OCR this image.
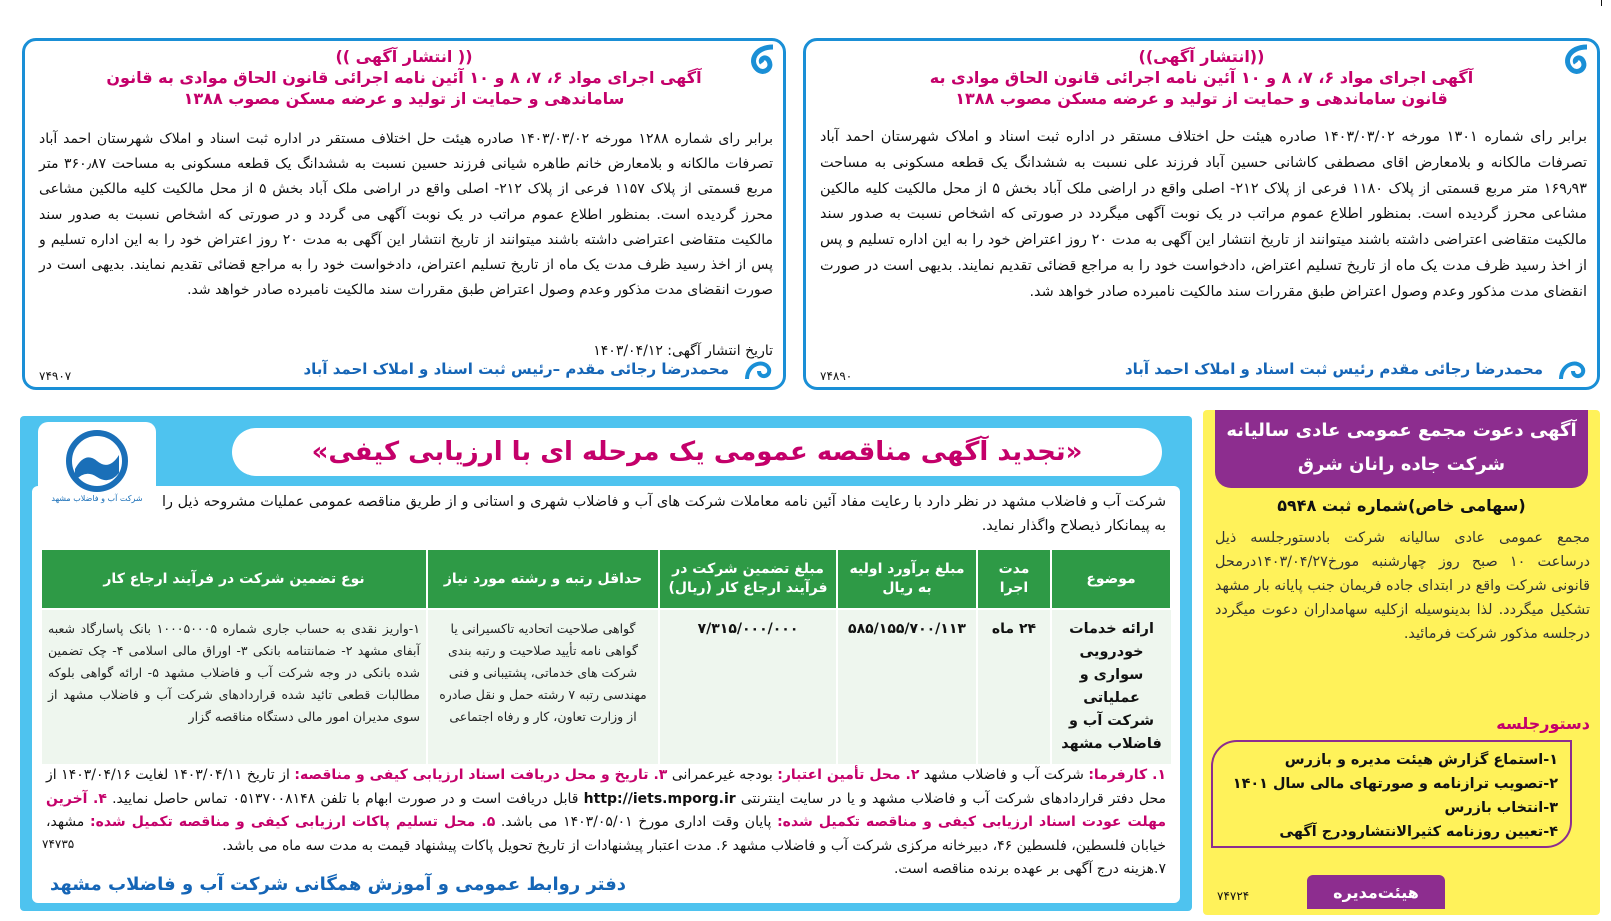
((انتشار آگهی))
آگهی اجرای مواد ۶، ۷، ۸ و ۱۰ آئین نامه اجرائی قانون الحاق موادی به قانون ساماندهی و حمایت از تولید و عرضه مسکن مصوب ۱۳۸۸
برابر رای شماره ۱۳۰۱ مورخه ۱۴۰۳/۰۳/۰۲ صادره هیئت حل اختلاف مستقر در اداره ثبت اسناد و املاک شهرستان احمد آباد تصرفات مالکانه و بلامعارض اقای مصطفی کاشانی حسین آباد فرزند علی نسبت به ششدانگ یک قطعه مسکونی به مساحت ۱۶۹٫۹۳ متر مربع قسمتی از پلاک ۱۱۸۰ فرعی از پلاک ۲۱۲- اصلی واقع در اراضی ملک آباد بخش ۵ از محل مالکیت کلیه مالکین مشاعی محرز گردیده است. بمنظور اطلاع عموم مراتب در یک نوبت آگهی میگردد در صورتی که اشخاص نسبت به صدور سند مالکیت متقاضی اعتراضی داشته باشند میتوانند از تاریخ انتشار این آگهی به مدت ۲۰ روز اعتراض خود را به این اداره تسلیم و پس از اخذ رسید ظرف مدت یک ماه از تاریخ تسلیم اعتراض، دادخواست خود را به مراجع قضائی تقدیم نمایند. بدیهی است در صورت انقضای مدت مذکور وعدم وصول اعتراض طبق مقررات سند مالکیت نامبرده صادر خواهد شد.
محمدرضا رجائی مقدم رئیس ثبت اسناد و املاک احمد آباد
۷۴۸۹۰
(( انتشار آگهی ))
آگهی اجرای مواد ۶، ۷، ۸ و ۱۰ آئین نامه اجرائی قانون الحاق موادی به قانون ساماندهی و حمایت از تولید و عرضه مسکن مصوب ۱۳۸۸
برابر رای شماره ۱۲۸۸ مورخه ۱۴۰۳/۰۳/۰۲ صادره هیئت حل اختلاف مستقر در اداره ثبت اسناد و املاک شهرستان احمد آباد تصرفات مالکانه و بلامعارض خانم طاهره شیانی فرزند حسین نسبت به ششدانگ یک قطعه مسکونی به مساحت ۳۶۰٫۸۷ متر مربع قسمتی از پلاک ۱۱۵۷ فرعی از پلاک ۲۱۲- اصلی واقع در اراضی ملک آباد بخش ۵ از محل مالکیت کلیه مالکین مشاعی محرز گردیده است. بمنظور اطلاع عموم مراتب در یک نوبت آگهی می گردد و در صورتی که اشخاص نسبت به صدور سند مالکیت متقاضی اعتراضی داشته باشند میتوانند از تاریخ انتشار این آگهی به مدت ۲۰ روز اعتراض خود را به این اداره تسلیم و پس از اخذ رسید ظرف مدت یک ماه از تاریخ تسلیم اعتراض، دادخواست خود را به مراجع قضائی تقدیم نمایند. بدیهی است در صورت انقضای مدت مذکور وعدم وصول اعتراض طبق مقررات سند مالکیت نامبرده صادر خواهد شد.
تاریخ انتشار آگهی: ۱۴۰۳/۰۴/۱۲
محمدرضا رجائی مقدم –رئیس ثبت اسناد و املاک احمد آباد
۷۴۹۰۷
«تجدید آگهی مناقصه عمومی یک مرحله ای با ارزیابی کیفی»
شرکت آب و فاضلاب مشهد در نظر دارد با رعایت مفاد آئین نامه معاملات شرکت های آب و فاضلاب شهری و استانی و از طریق مناقصه عمومی عملیات مشروحه ذیل را به پیمانکار ذیصلاح واگذار نماید.
موضوع	مدت اجرا	مبلغ برآورد اولیه به ریال	مبلغ تضمین شرکت در فرآیند ارجاع کار (ریال)	حداقل رتبه و رشته مورد نیاز	نوع تضمین شرکت در فرآیند ارجاع کار
ارائه خدمات خودرویی سواری و عملیاتی شرکت آب و فاضلاب مشهد	۲۴ ماه	۵۸۵/۱۵۵/۷۰۰/۱۱۳	۷/۳۱۵/۰۰۰/۰۰۰	گواهی صلاحیت اتحادیه تاکسیرانی یا گواهی نامه تأیید صلاحیت و رتبه بندی شرکت های خدماتی، پشتیبانی و فنی مهندسی رتبه ۷ رشته حمل و نقل صادره از وزارت تعاون، کار و رفاه اجتماعی	۱-واریز نقدی به حساب جاری شماره ۱۰۰۰۵۰۰۰۵ بانک پاسارگاد شعبه آبفای مشهد ۲- ضمانتنامه بانکی ۳- اوراق مالی اسلامی ۴- چک تضمین شده بانکی در وجه شرکت آب و فاضلاب مشهد ۵- ارائه گواهی بلوکه مطالبات قطعی تائید شده قراردادهای شرکت آب و فاضلاب مشهد از سوی مدیران امور مالی دستگاه مناقصه گزار
۱. کارفرما: شرکت آب و فاضلاب مشهد ۲. محل تأمین اعتبار: بودجه غیرعمرانی ۳. تاریخ و محل دریافت اسناد ارزیابی کیفی و مناقصه: از تاریخ ۱۴۰۳/۰۴/۱۱ لغایت ۱۴۰۳/۰۴/۱۶ از محل دفتر قراردادهای شرکت آب و فاضلاب مشهد و یا در سایت اینترنتی http://iets.mporg.ir قابل دریافت است و در صورت ابهام با تلفن ۰۵۱۳۷۰۰۸۱۴۸ تماس حاصل نمایید. ۴. آخرین مهلت عودت اسناد ارزیابی کیفی و مناقصه تکمیل شده: پایان وقت اداری مورخ ۱۴۰۳/۰۵/۰۱ می باشد. ۵. محل تسلیم پاکات ارزیابی کیفی و مناقصه تکمیل شده: مشهد، خیابان فلسطین، فلسطین ۴۶، دبیرخانه مرکزی شرکت آب و فاضلاب مشهد ۶. مدت اعتبار پیشنهادات از تاریخ تحویل پاکات پیشنهاد قیمت به مدت سه ماه می باشد.
۷.هزینه درج آگهی بر عهده برنده مناقصه است.
شرکت آب و فاضلاب مشهد
۷۴۷۳۵
دفتر روابط عمومی و آموزش همگانی شرکت آب و فاضلاب مشهد
آگهی دعوت مجمع عمومی عادی سالیانه
شرکت جاده رانان شرق
(سهامی خاص)شماره ثبت ۵۹۴۸
مجمع عمومی عادی سالیانه شرکت بادستورجلسه ذیل درساعت ۱۰ صبح روز چهارشنبه مورخ۱۴۰۳/۰۴/۲۷درمحل قانونی شرکت واقع در ابتدای جاده فریمان جنب پایانه بار مشهد تشکیل میگردد. لذا بدینوسیله ازکلیه سهامداران دعوت میگردد درجلسه مذکور شرکت فرمائید.
دستورجلسه
۱-استماع گزارش هیئت مدیره و بازرس
۲-تصویب ترازنامه و صورتهای مالی سال ۱۴۰۱
۳-انتخاب بازرس
۴-تعیین روزنامه کثیرالانتشارودرج آگهی
۷۴۷۲۴	هیئت‌مدیره
